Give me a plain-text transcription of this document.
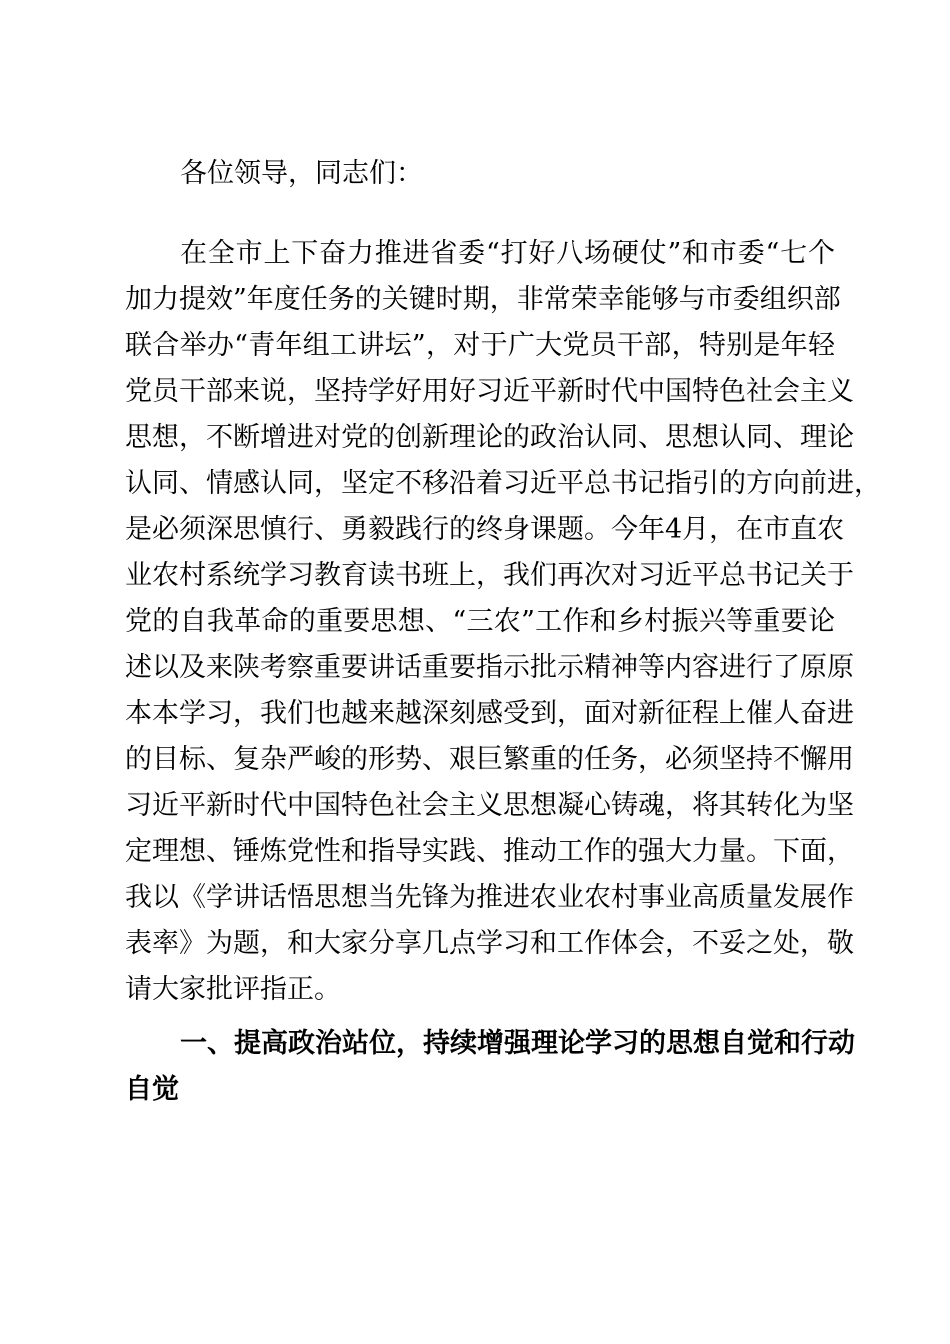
各位领导，同志们：
在全市上下奋力推进省委“打好八场硬仗”和市委“七个
加力提效”年度任务的关键时期，非常荣幸能够与市委组织部
联合举办“青年组工讲坛”，对于广大党员干部，特别是年轻
党员干部来说，坚持学好用好习近平新时代中国特色社会主义
思想，不断增进对党的创新理论的政治认同、思想认同、理论
认同、情感认同，坚定不移沿着习近平总书记指引的方向前进，
是必须深思慎行、勇毅践行的终身课题。今年4月，在市直农
业农村系统学习教育读书班上，我们再次对习近平总书记关于
党的自我革命的重要思想、“三农”工作和乡村振兴等重要论
述以及来陕考察重要讲话重要指示批示精神等内容进行了原原
本本学习，我们也越来越深刻感受到，面对新征程上催人奋进
的目标、复杂严峻的形势、艰巨繁重的任务，必须坚持不懈用
习近平新时代中国特色社会主义思想凝心铸魂，将其转化为坚
定理想、锤炼党性和指导实践、推动工作的强大力量。下面，
我以《学讲话悟思想当先锋为推进农业农村事业高质量发展作
表率》为题，和大家分享几点学习和工作体会，不妥之处，敬
请大家批评指正。
一、提高政治站位，持续增强理论学习的思想自觉和行动
自觉
